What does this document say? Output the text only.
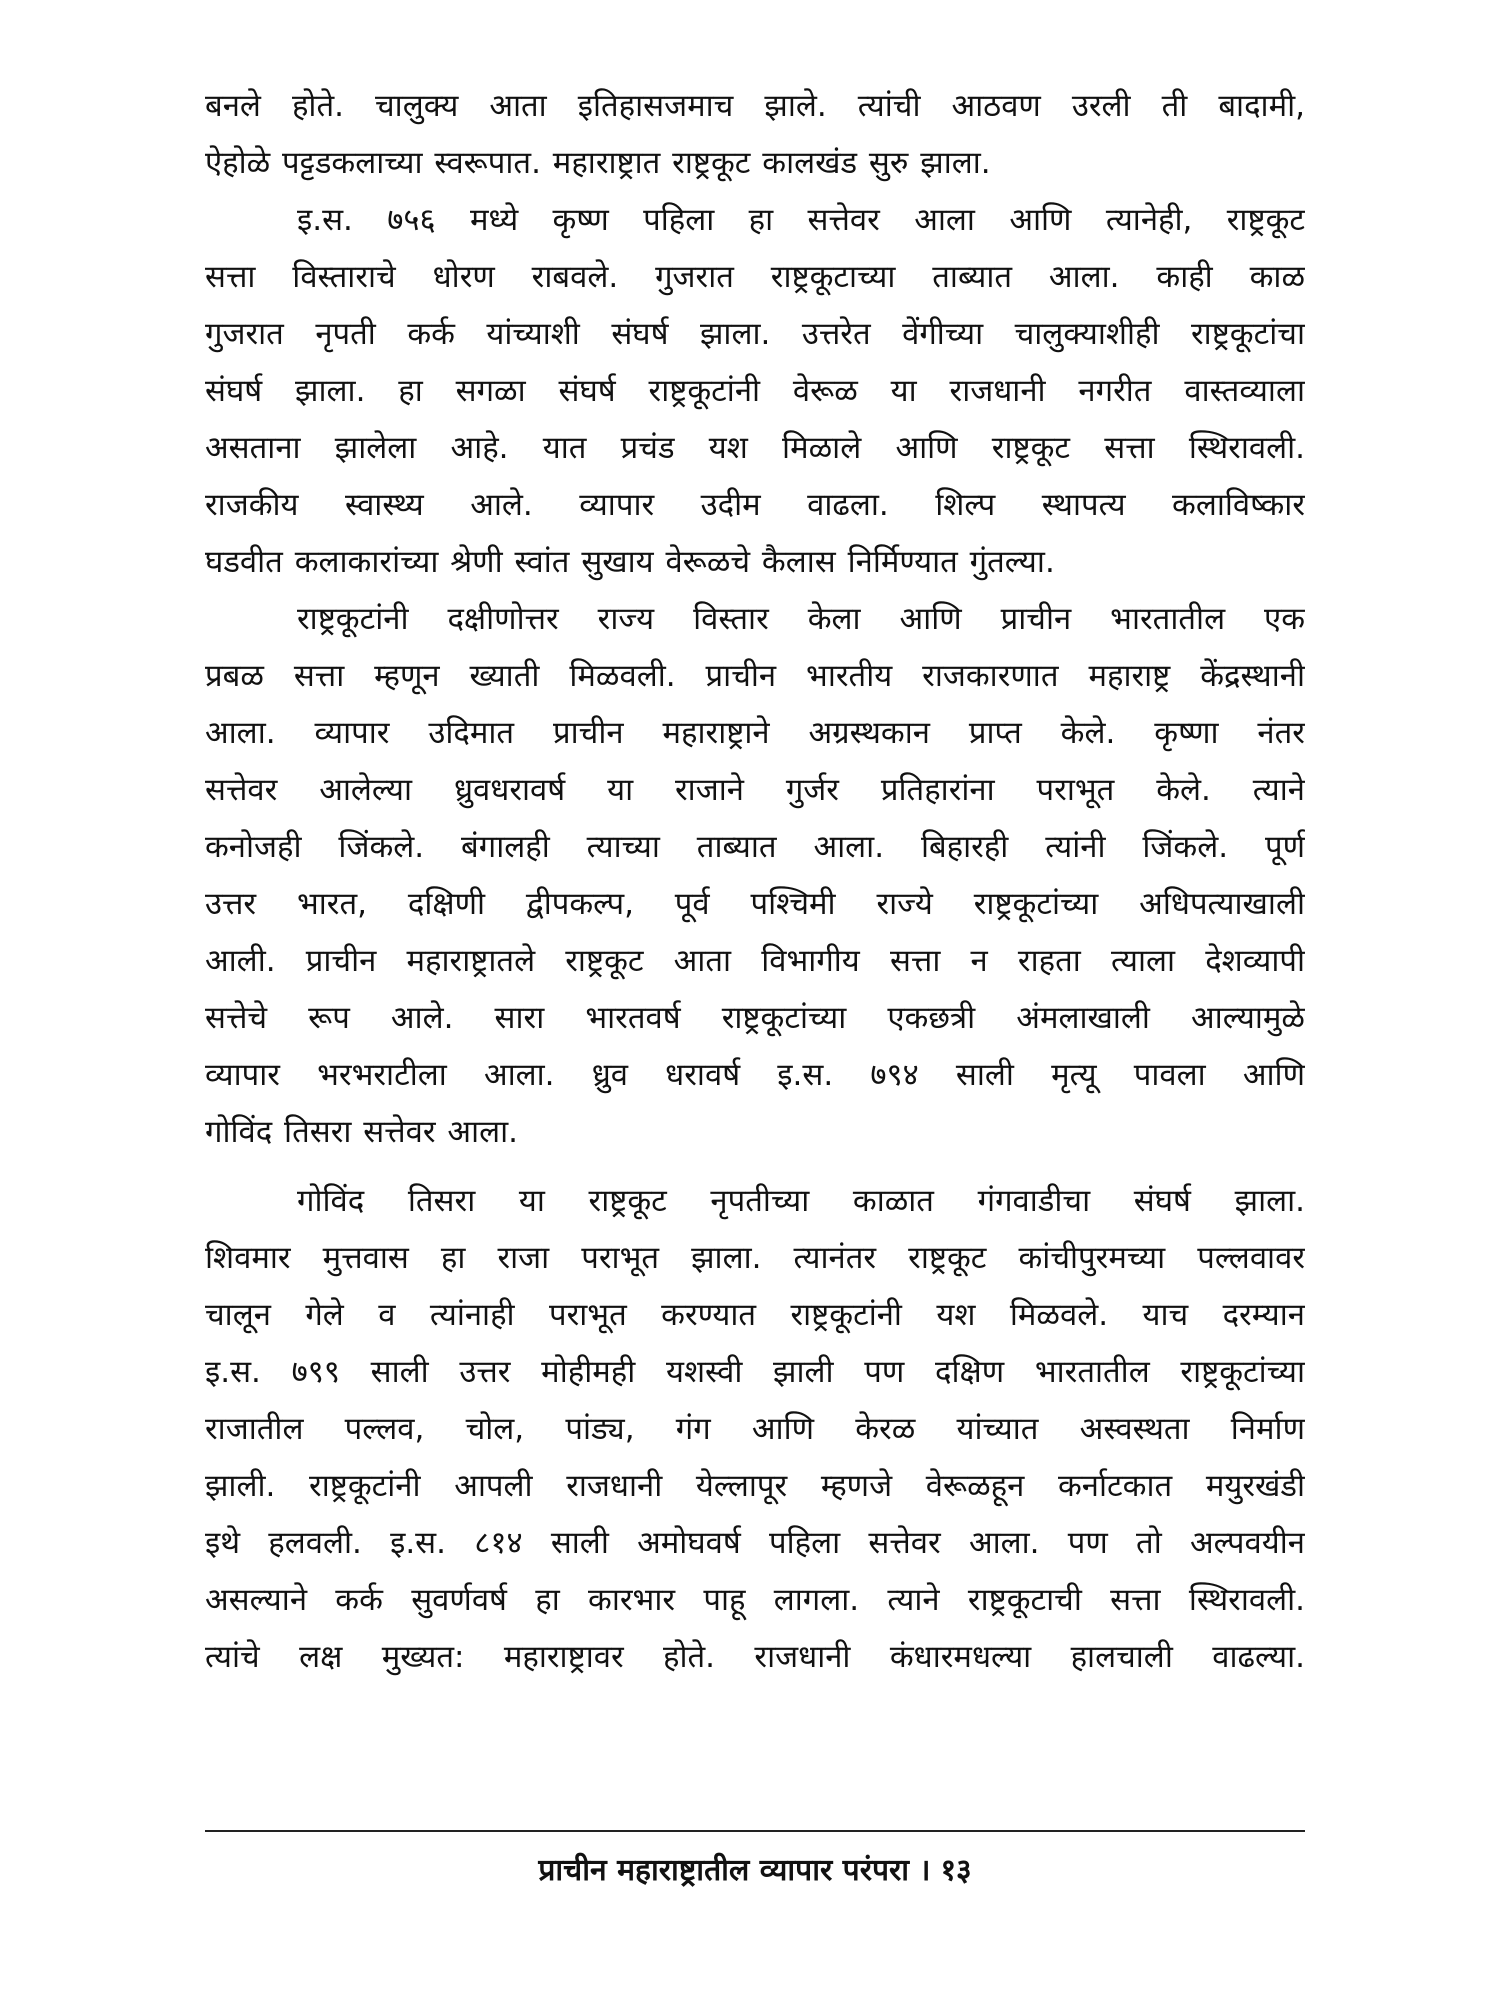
बनले होते. चालुक्य आता इतिहासजमाच झाले. त्यांची आठवण उरली ती बादामी,
ऐहोळे पट्टडकलाच्या स्वरूपात. महाराष्ट्रात राष्ट्रकूट कालखंड सुरु झाला.
इ.स. ७५६ मध्ये कृष्ण पहिला हा सत्तेवर आला आणि त्यानेही, राष्ट्रकूट
सत्ता विस्ताराचे धोरण राबवले. गुजरात राष्ट्रकूटाच्या ताब्यात आला. काही काळ
गुजरात नृपती कर्क यांच्याशी संघर्ष झाला. उत्तरेत वेंगीच्या चालुक्याशीही राष्ट्रकूटांचा
संघर्ष झाला. हा सगळा संघर्ष राष्ट्रकूटांनी वेरूळ या राजधानी नगरीत वास्तव्याला
असताना झालेला आहे. यात प्रचंड यश मिळाले आणि राष्ट्रकूट सत्ता स्थिरावली.
राजकीय स्वास्थ्य आले. व्यापार उदीम वाढला. शिल्प स्थापत्य कलाविष्कार
घडवीत कलाकारांच्या श्रेणी स्वांत सुखाय वेरूळचे कैलास निर्मिण्यात गुंतल्या.
राष्ट्रकूटांनी दक्षीणोत्तर राज्य विस्तार केला आणि प्राचीन भारतातील एक
प्रबळ सत्ता म्हणून ख्याती मिळवली. प्राचीन भारतीय राजकारणात महाराष्ट्र केंद्रस्थानी
आला. व्यापार उदिमात प्राचीन महाराष्ट्राने अग्रस्थकान प्राप्त केले. कृष्णा नंतर
सत्तेवर आलेल्या ध्रुवधरावर्ष या राजाने गुर्जर प्रतिहारांना पराभूत केले. त्याने
कनोजही जिंकले. बंगालही त्याच्या ताब्यात आला. बिहारही त्यांनी जिंकले. पूर्ण
उत्तर भारत, दक्षिणी द्वीपकल्प, पूर्व पश्चिमी राज्ये राष्ट्रकूटांच्या अधिपत्याखाली
आली. प्राचीन महाराष्ट्रातले राष्ट्रकूट आता विभागीय सत्ता न राहता त्याला देशव्यापी
सत्तेचे रूप आले. सारा भारतवर्ष राष्ट्रकूटांच्या एकछत्री अंमलाखाली आल्यामुळे
व्यापार भरभराटीला आला. ध्रुव धरावर्ष इ.स. ७९४ साली मृत्यू पावला आणि
गोविंद तिसरा सत्तेवर आला.
गोविंद तिसरा या राष्ट्रकूट नृपतीच्या काळात गंगवाडीचा संघर्ष झाला.
शिवमार मुत्तवास हा राजा पराभूत झाला. त्यानंतर राष्ट्रकूट कांचीपुरमच्या पल्लवावर
चालून गेले व त्यांनाही पराभूत करण्यात राष्ट्रकूटांनी यश मिळवले. याच दरम्यान
इ.स. ७९९ साली उत्तर मोहीमही यशस्वी झाली पण दक्षिण भारतातील राष्ट्रकूटांच्या
राजातील पल्लव, चोल, पांड्य, गंग आणि केरळ यांच्यात अस्वस्थता निर्माण
झाली. राष्ट्रकूटांनी आपली राजधानी येल्लापूर म्हणजे वेरूळहून कर्नाटकात मयुरखंडी
इथे हलवली. इ.स. ८१४ साली अमोघवर्ष पहिला सत्तेवर आला. पण तो अल्पवयीन
असल्याने कर्क सुवर्णवर्ष हा कारभार पाहू लागला. त्याने राष्ट्रकूटाची सत्ता स्थिरावली.
त्यांचे लक्ष मुख्यत: महाराष्ट्रावर होते. राजधानी कंधारमधल्या हालचाली वाढल्या.
प्राचीन महाराष्ट्रातील व्यापार परंपरा । १३
